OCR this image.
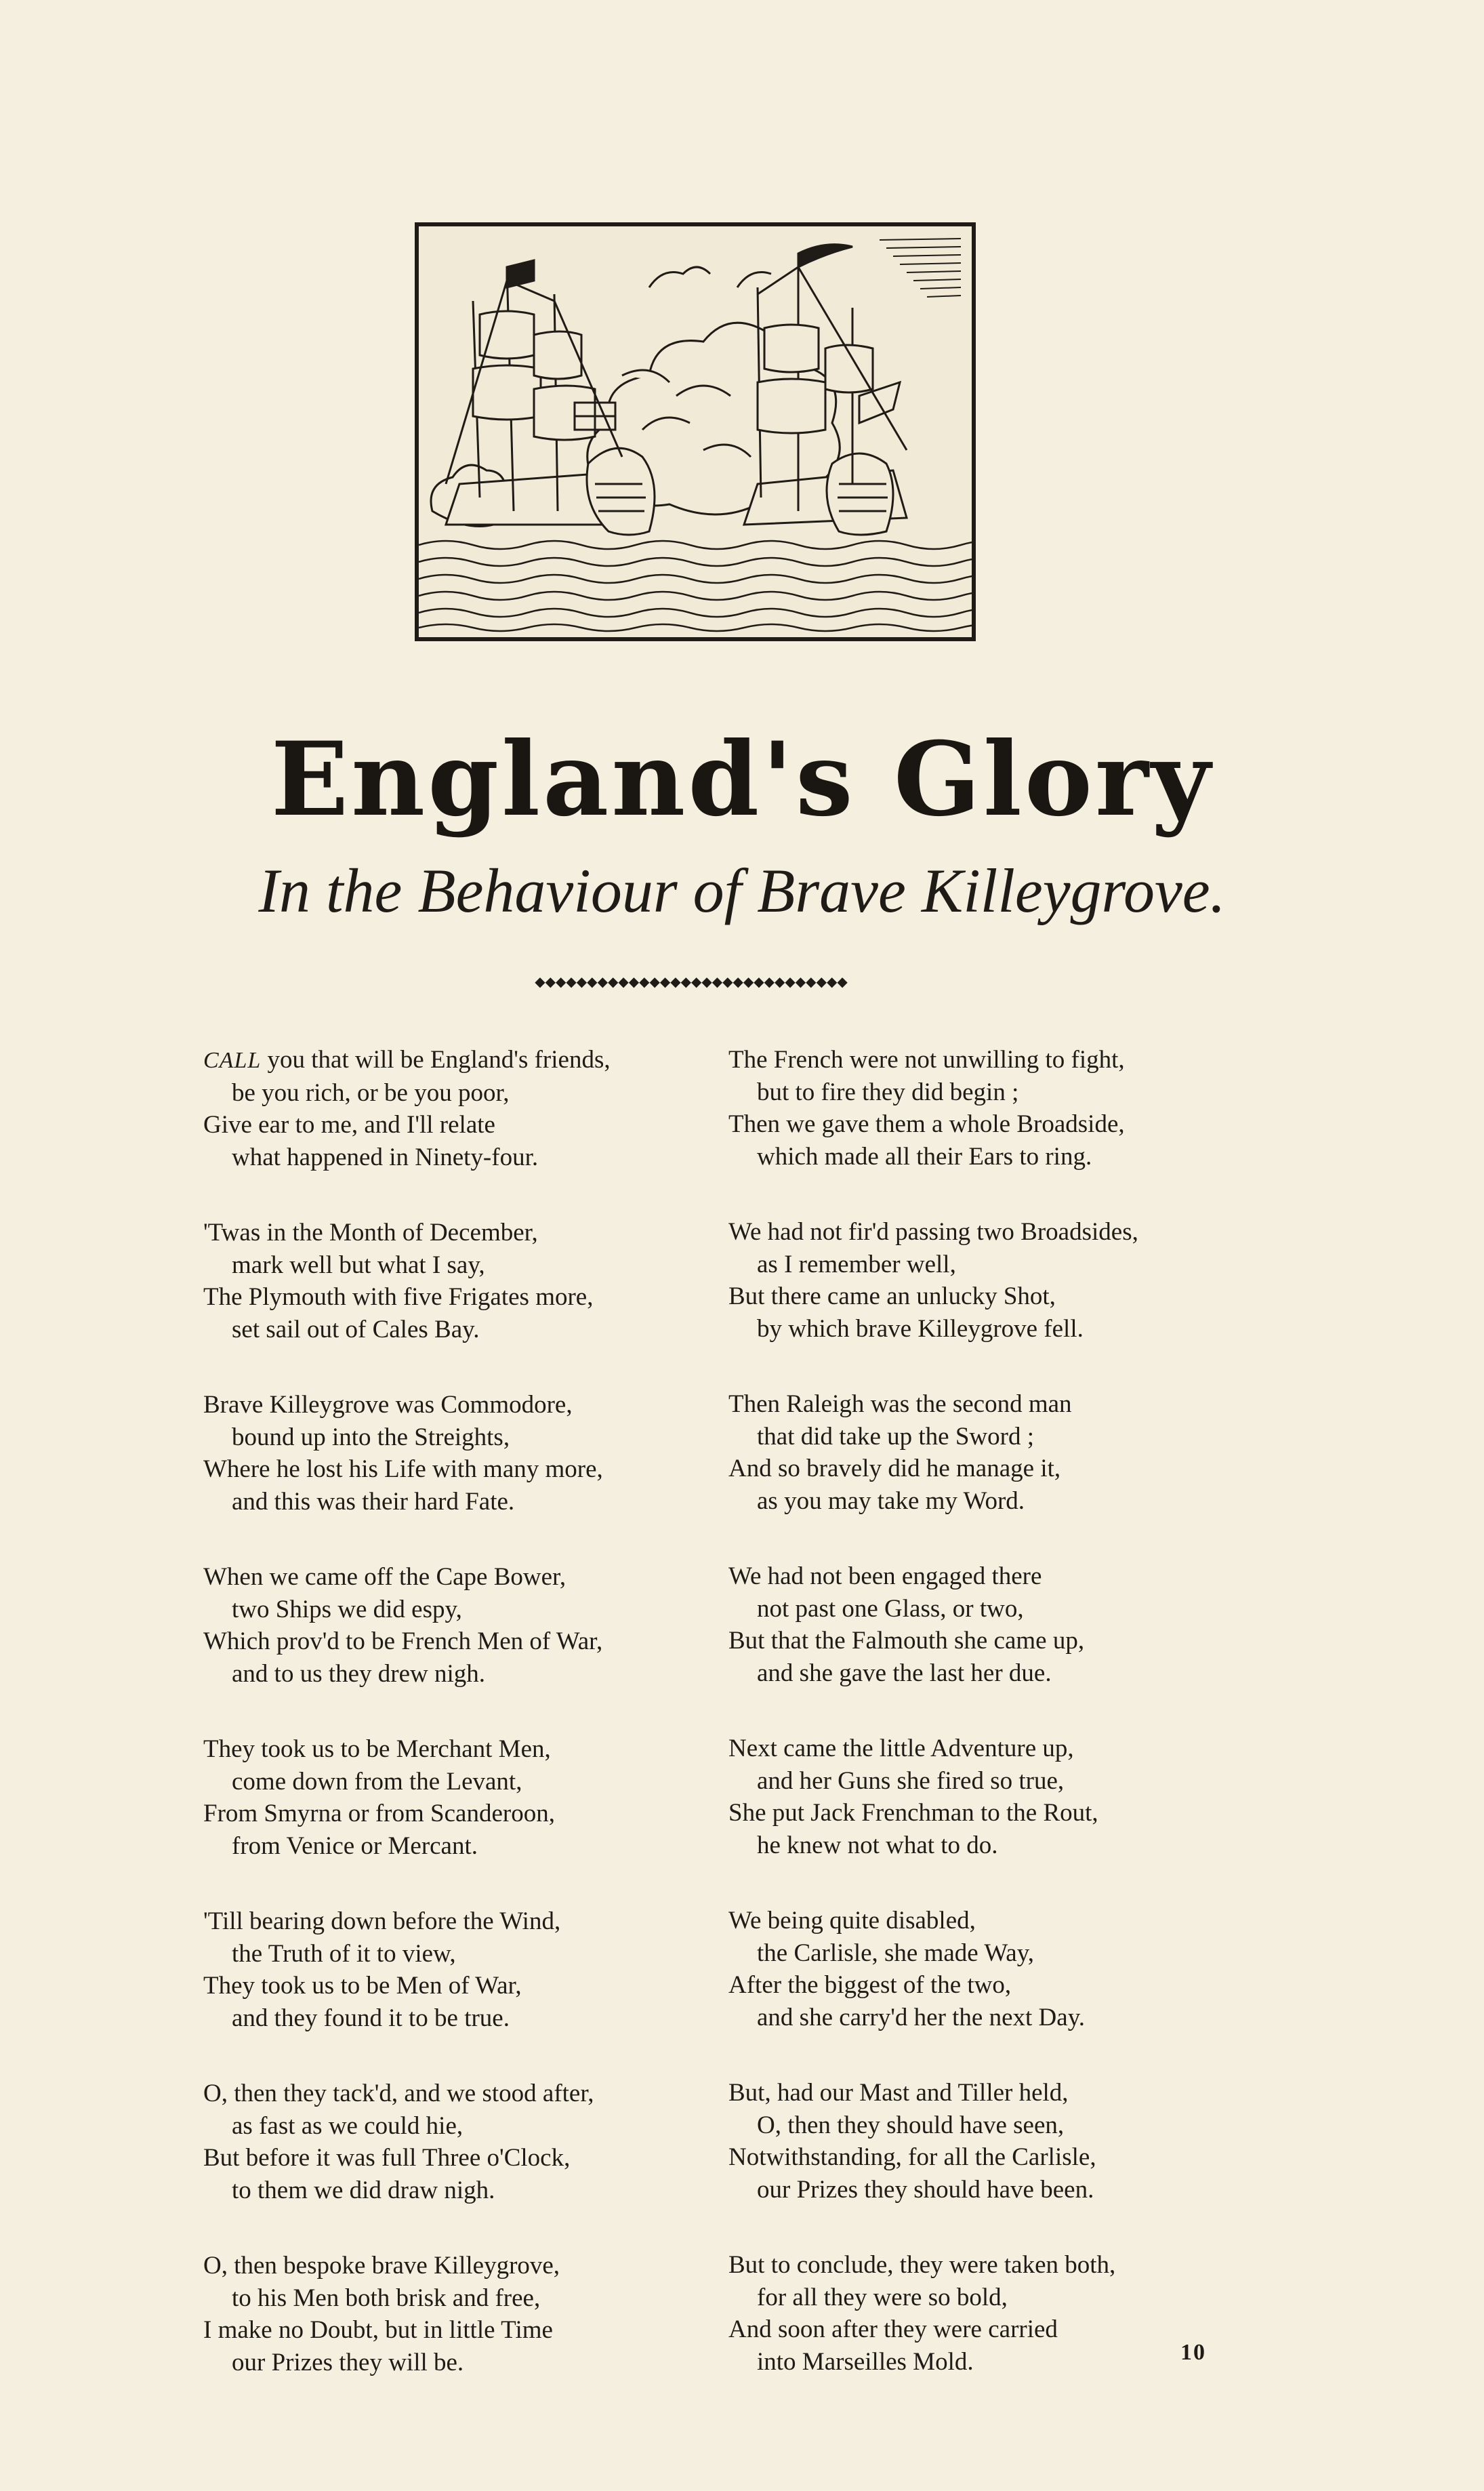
England's Glory
In the Behaviour of Brave Killeygrove.
◆◆◆◆◆◆◆◆◆◆◆◆◆◆◆◆◆◆◆◆◆◆◆◆◆◆◆◆◆◆
CALL you that will be England's friends,
be you rich, or be you poor,
Give ear to me, and I'll relate
what happened in Ninety-four.
'Twas in the Month of December,
mark well but what I say,
The Plymouth with five Frigates more,
set sail out of Cales Bay.
Brave Killeygrove was Commodore,
bound up into the Streights,
Where he lost his Life with many more,
and this was their hard Fate.
When we came off the Cape Bower,
two Ships we did espy,
Which prov'd to be French Men of War,
and to us they drew nigh.
They took us to be Merchant Men,
come down from the Levant,
From Smyrna or from Scanderoon,
from Venice or Mercant.
'Till bearing down before the Wind,
the Truth of it to view,
They took us to be Men of War,
and they found it to be true.
O, then they tack'd, and we stood after,
as fast as we could hie,
But before it was full Three o'Clock,
to them we did draw nigh.
O, then bespoke brave Killeygrove,
to his Men both brisk and free,
I make no Doubt, but in little Time
our Prizes they will be.
The French were not unwilling to fight,
but to fire they did begin ;
Then we gave them a whole Broadside,
which made all their Ears to ring.
We had not fir'd passing two Broadsides,
as I remember well,
But there came an unlucky Shot,
by which brave Killeygrove fell.
Then Raleigh was the second man
that did take up the Sword ;
And so bravely did he manage it,
as you may take my Word.
We had not been engaged there
not past one Glass, or two,
But that the Falmouth she came up,
and she gave the last her due.
Next came the little Adventure up,
and her Guns she fired so true,
She put Jack Frenchman to the Rout,
he knew not what to do.
We being quite disabled,
the Carlisle, she made Way,
After the biggest of the two,
and she carry'd her the next Day.
But, had our Mast and Tiller held,
O, then they should have seen,
Notwithstanding, for all the Carlisle,
our Prizes they should have been.
But to conclude, they were taken both,
for all they were so bold,
And soon after they were carried
into Marseilles Mold.	10
